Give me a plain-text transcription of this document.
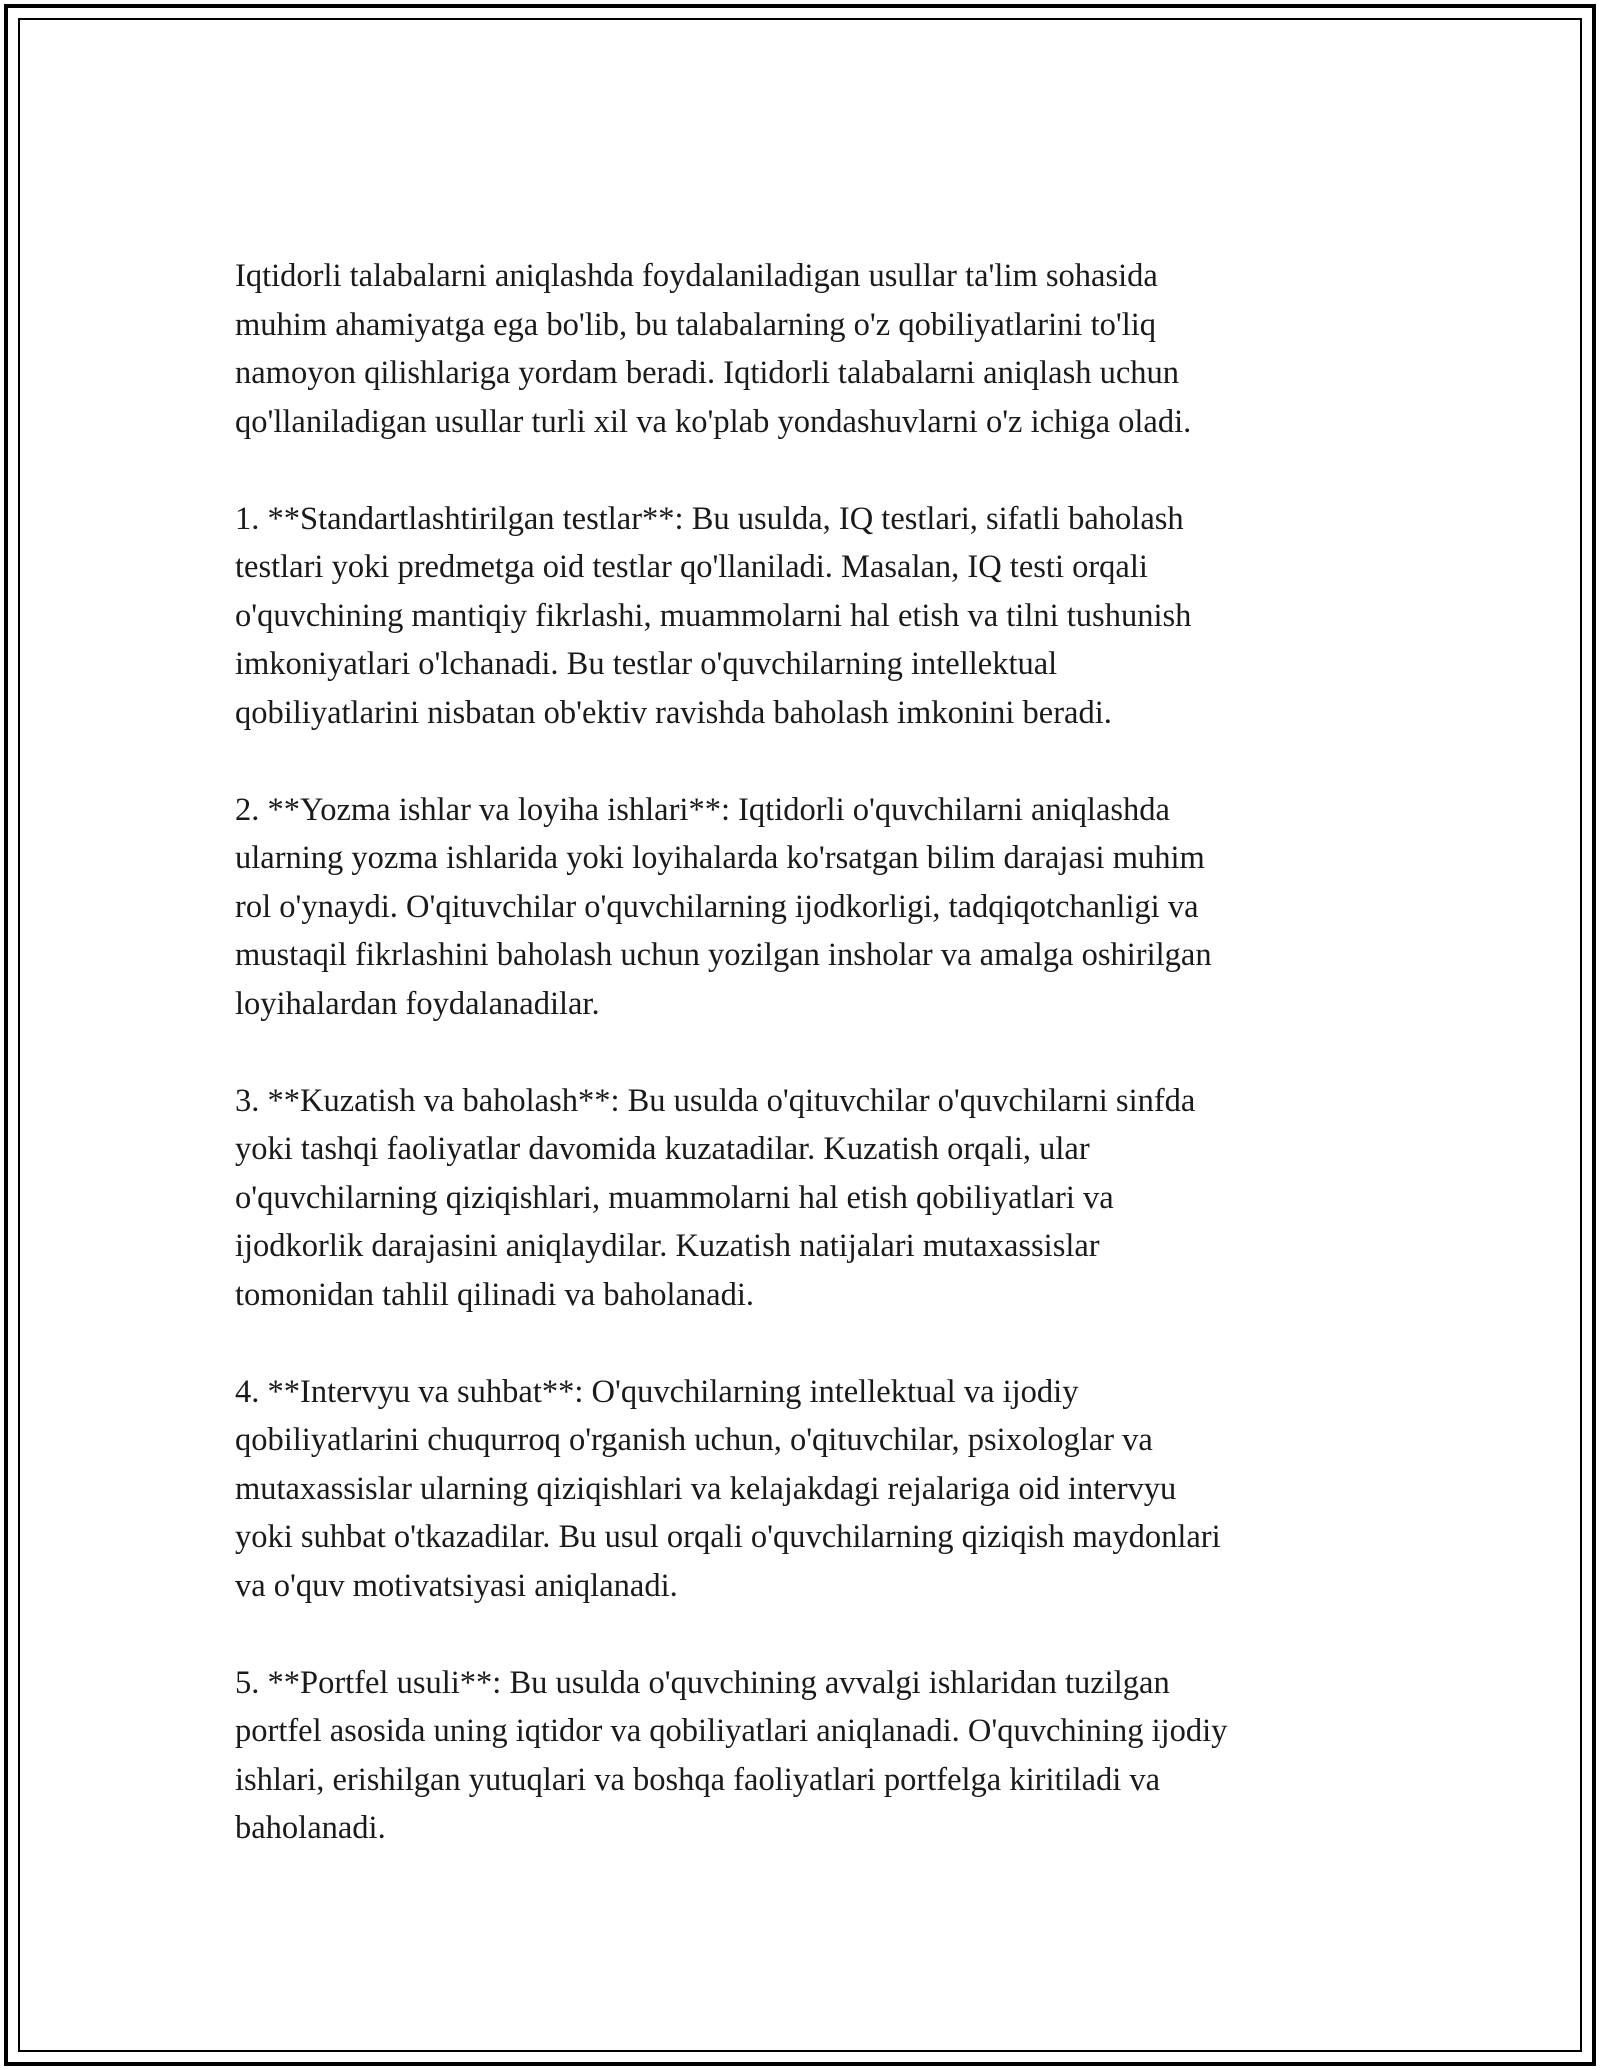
Iqtidorli talabalarni aniqlashda foydalaniladigan usullar ta'lim sohasida
muhim ahamiyatga ega bo'lib, bu talabalarning o'z qobiliyatlarini to'liq
namoyon qilishlariga yordam beradi. Iqtidorli talabalarni aniqlash uchun
qo'llaniladigan usullar turli xil va ko'plab yondashuvlarni o'z ichiga oladi.

1. **Standartlashtirilgan testlar**: Bu usulda, IQ testlari, sifatli baholash
testlari yoki predmetga oid testlar qo'llaniladi. Masalan, IQ testi orqali
o'quvchining mantiqiy fikrlashi, muammolarni hal etish va tilni tushunish
imkoniyatlari o'lchanadi. Bu testlar o'quvchilarning intellektual
qobiliyatlarini nisbatan ob'ektiv ravishda baholash imkonini beradi.

2. **Yozma ishlar va loyiha ishlari**: Iqtidorli o'quvchilarni aniqlashda
ularning yozma ishlarida yoki loyihalarda ko'rsatgan bilim darajasi muhim
rol o'ynaydi. O'qituvchilar o'quvchilarning ijodkorligi, tadqiqotchanligi va
mustaqil fikrlashini baholash uchun yozilgan insholar va amalga oshirilgan
loyihalardan foydalanadilar.

3. **Kuzatish va baholash**: Bu usulda o'qituvchilar o'quvchilarni sinfda
yoki tashqi faoliyatlar davomida kuzatadilar. Kuzatish orqali, ular
o'quvchilarning qiziqishlari, muammolarni hal etish qobiliyatlari va
ijodkorlik darajasini aniqlaydilar. Kuzatish natijalari mutaxassislar
tomonidan tahlil qilinadi va baholanadi.

4. **Intervyu va suhbat**: O'quvchilarning intellektual va ijodiy
qobiliyatlarini chuqurroq o'rganish uchun, o'qituvchilar, psixologlar va
mutaxassislar ularning qiziqishlari va kelajakdagi rejalariga oid intervyu
yoki suhbat o'tkazadilar. Bu usul orqali o'quvchilarning qiziqish maydonlari
va o'quv motivatsiyasi aniqlanadi.

5. **Portfel usuli**: Bu usulda o'quvchining avvalgi ishlaridan tuzilgan
portfel asosida uning iqtidor va qobiliyatlari aniqlanadi. O'quvchining ijodiy
ishlari, erishilgan yutuqlari va boshqa faoliyatlari portfelga kiritiladi va
baholanadi.
